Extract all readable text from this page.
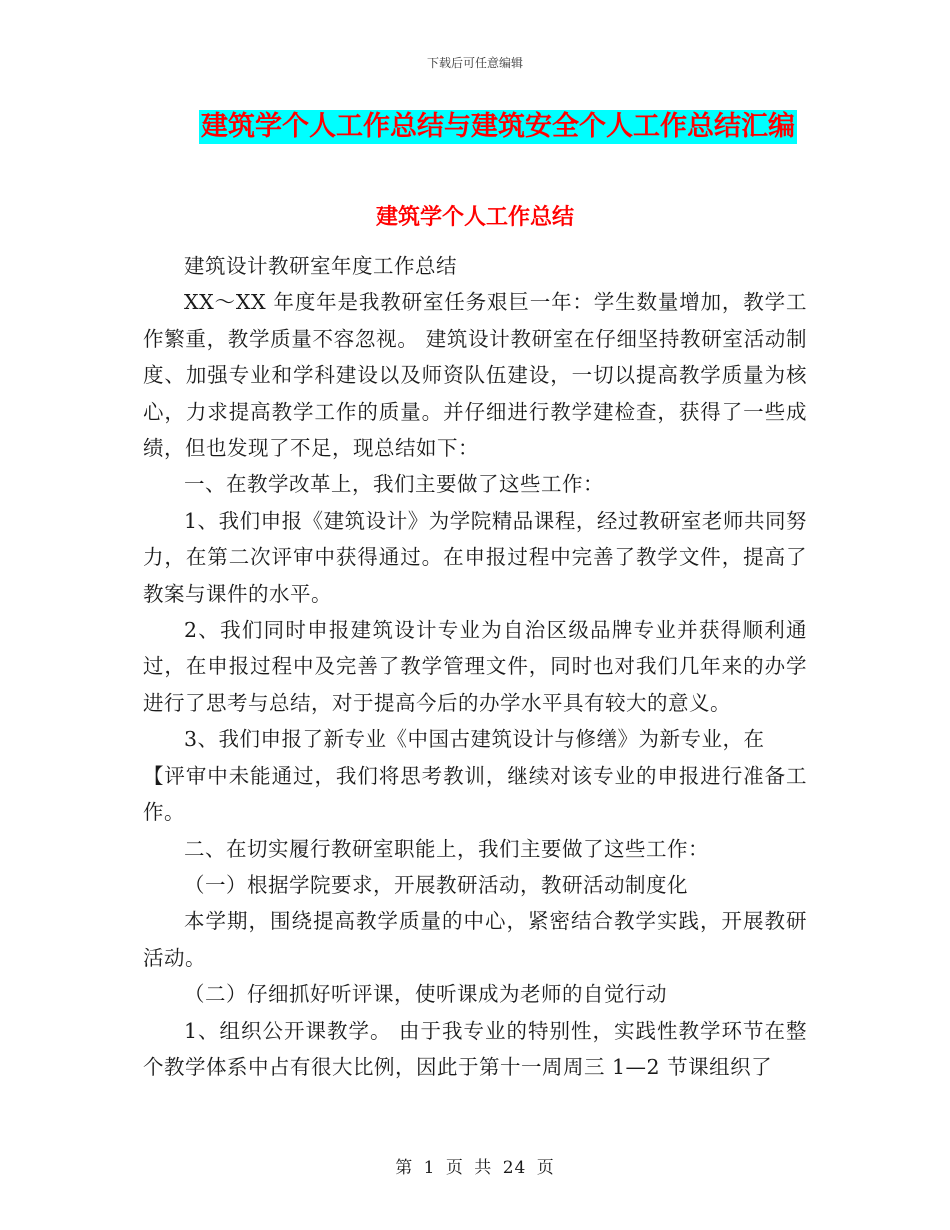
下载后可任意编辑
建筑学个人工作总结与建筑安全个人工作总结汇编
建筑学个人工作总结

建筑设计教研室年度工作总结

XX～XX 年度年是我教研室任务艰巨一年：学生数量增加，教学工作繁重，教学质量不容忽视。 建筑设计教研室在仔细坚持教研室活动制度、加强专业和学科建设以及师资队伍建设，一切以提高教学质量为核心，力求提高教学工作的质量。并仔细进行教学建检查，获得了一些成绩，但也发现了不足，现总结如下：

一、在教学改革上，我们主要做了这些工作：

1、我们申报《建筑设计》为学院精品课程，经过教研室老师共同努力，在第二次评审中获得通过。在申报过程中完善了教学文件，提高了教案与课件的水平。

2、我们同时申报建筑设计专业为自治区级品牌专业并获得顺利通过，在申报过程中及完善了教学管理文件，同时也对我们几年来的办学进行了思考与总结，对于提高今后的办学水平具有较大的意义。

3、我们申报了新专业《中国古建筑设计与修缮》为新专业，在

【评审中未能通过，我们将思考教训，继续对该专业的申报进行准备工作。

二、在切实履行教研室职能上，我们主要做了这些工作：

（一）根据学院要求，开展教研活动，教研活动制度化

本学期，围绕提高教学质量的中心，紧密结合教学实践，开展教研活动。

（二）仔细抓好听评课，使听课成为老师的自觉行动

1、组织公开课教学。 由于我专业的特别性，实践性教学环节在整个教学体系中占有很大比例，因此于第十一周周三 1—2 节课组织了

第 1 页 共 24 页
